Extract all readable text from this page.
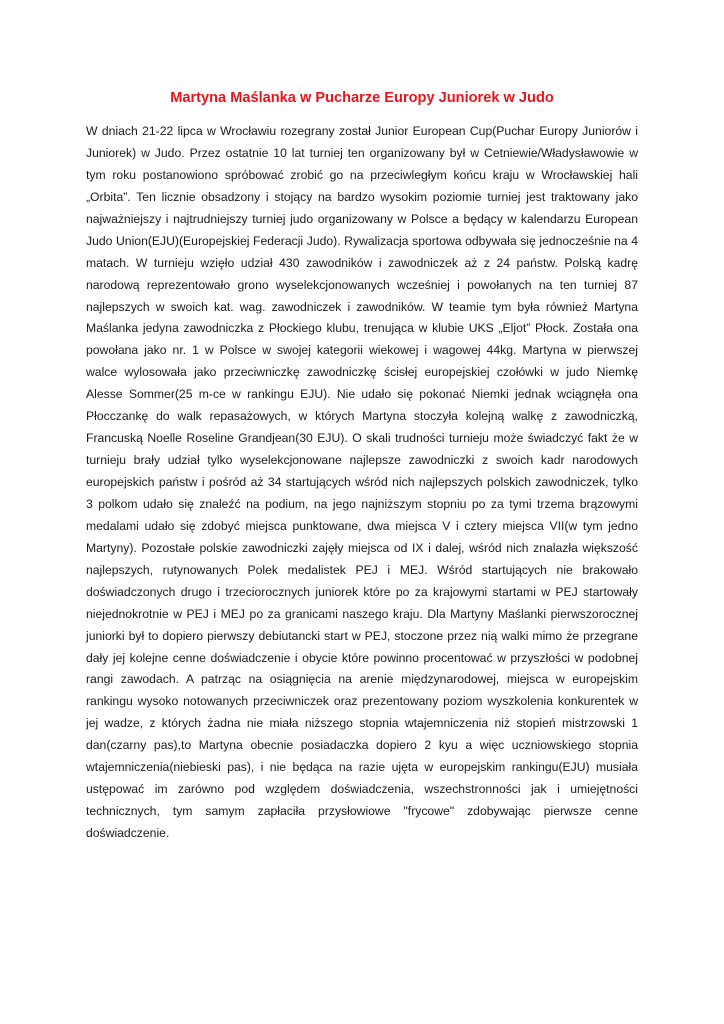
Martyna Maślanka w Pucharze Europy Juniorek w Judo
W dniach 21-22 lipca w Wrocławiu rozegrany został Junior European Cup(Puchar Europy Juniorów i
Juniorek) w Judo. Przez ostatnie 10 lat turniej ten organizowany był w Cetniewie/Władysławowie w
tym roku postanowiono spróbować zrobić go na przeciwległym końcu kraju w Wrocławskiej hali
„Orbita”. Ten licznie obsadzony i stojący na bardzo wysokim poziomie turniej jest traktowany jako
najważniejszy i najtrudniejszy turniej judo organizowany w Polsce a będący w kalendarzu European
Judo Union(EJU)(Europejskiej Federacji Judo). Rywalizacja sportowa odbywała się jednocześnie na 4
matach. W turnieju wzięło udział 430 zawodników i zawodniczek aż z 24 państw. Polską kadrę
narodową reprezentowało grono wyselekcjonowanych wcześniej i powołanych na ten turniej 87
najlepszych w swoich kat. wag. zawodniczek i zawodników. W teamie tym była również Martyna
Maślanka jedyna zawodniczka z Płockiego klubu, trenująca w klubie UKS „Eljot” Płock. Została ona
powołana jako nr. 1 w Polsce w swojej kategorii wiekowej i wagowej 44kg. Martyna w pierwszej
walce wylosowała jako przeciwniczkę zawodniczkę ścisłej europejskiej czołówki w judo Niemkę
Alesse Sommer(25 m-ce w rankingu EJU). Nie udało się pokonać Niemki jednak wciągnęła ona
Płocczankę do walk repasażowych, w których Martyna stoczyła kolejną walkę z zawodniczką,
Francuską Noelle Roseline Grandjean(30 EJU). O skali trudności turnieju może świadczyć fakt że w
turnieju brały udział tylko wyselekcjonowane najlepsze zawodniczki z swoich kadr narodowych
europejskich państw i pośród aż 34 startujących wśród nich najlepszych polskich zawodniczek, tylko
3 polkom udało się znaleźć na podium, na jego najniższym stopniu po za tymi trzema brązowymi
medalami udało się zdobyć miejsca punktowane, dwa miejsca V i cztery miejsca VII(w tym jedno
Martyny). Pozostałe polskie zawodniczki zajęły miejsca od IX i dalej, wśród nich znalazła większość
najlepszych, rutynowanych Polek medalistek PEJ i MEJ. Wśród startujących nie brakowało
doświadczonych drugo i trzeciorocznych juniorek które po za krajowymi startami w PEJ startowały
niejednokrotnie w PEJ i MEJ po za granicami naszego kraju. Dla Martyny Maślanki pierwszorocznej
juniorki był to dopiero pierwszy debiutancki start w PEJ, stoczone przez nią walki mimo że przegrane
dały jej kolejne cenne doświadczenie i obycie które powinno procentować w przyszłości w podobnej
rangi zawodach. A patrząc na osiągnięcia na arenie międzynarodowej, miejsca w europejskim
rankingu wysoko notowanych przeciwniczek oraz prezentowany poziom wyszkolenia konkurentek w
jej wadze, z których żadna nie miała niższego stopnia wtajemniczenia niż stopień mistrzowski 1
dan(czarny pas),to Martyna obecnie posiadaczka dopiero 2 kyu a więc uczniowskiego stopnia
wtajemniczenia(niebieski pas), i nie będąca na razie ujęta w europejskim rankingu(EJU) musiała
ustępować im zarówno pod względem doświadczenia, wszechstronności jak i umiejętności
technicznych, tym samym zapłaciła przysłowiowe "frycowe" zdobywając pierwsze cenne
doświadczenie.
